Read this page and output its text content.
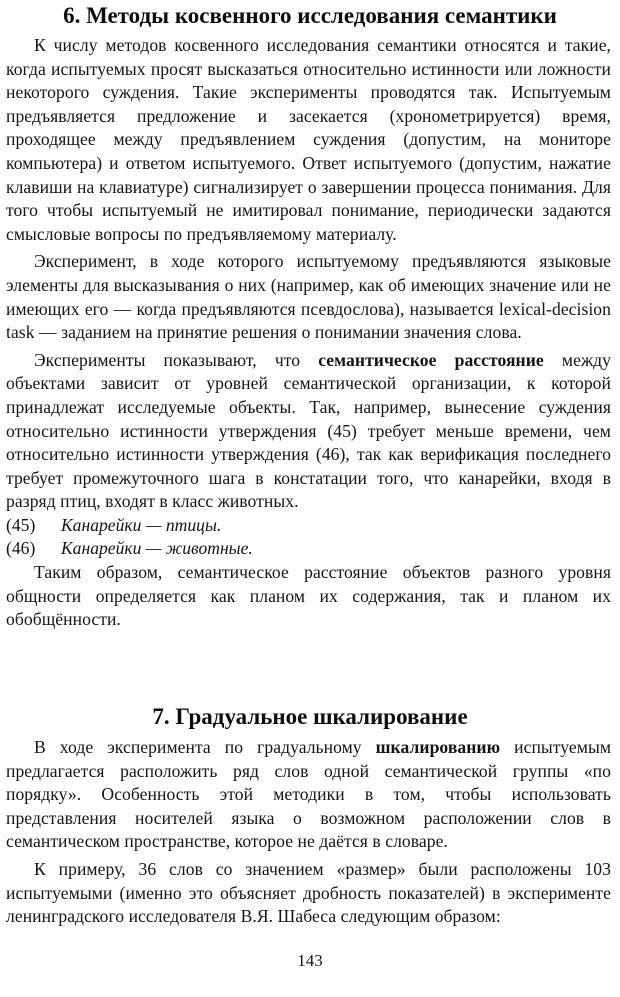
6. Методы косвенного исследования семантики

К числу методов косвенного исследования семантики относятся и такие, когда испытуемых просят высказаться относительно истинности или ложности некоторого суждения. Такие эксперименты проводятся так. Испытуемым предъявляется предложение и засекается (хронометрируется) время, проходящее между предъявлением суждения (допустим, на мониторе компьютера) и ответом испытуемого. Ответ испытуемого (допустим, нажатие клавиши на клавиатуре) сигнализирует о завершении процесса понимания. Для того чтобы испытуемый не имитировал понимание, периодически задаются смысловые вопросы по предъявляемому материалу.

Эксперимент, в ходе которого испытуемому предъявляются языковые элементы для высказывания о них (например, как об имеющих значение или не имеющих его — когда предъявляются псевдослова), называется lexical-decision task — заданием на принятие решения о понимании значения слова.

Эксперименты показывают, что семантическое расстояние между объектами зависит от уровней семантической организации, к которой принадлежат исследуемые объекты. Так, например, вынесение суждения относительно истинности утверждения (45) требует меньше времени, чем относительно истинности утверждения (46), так как верификация последнего требует промежуточного шага в констатации того, что канарейки, входя в разряд птиц, входят в класс животных.

(45) Канарейки — птицы.

(46) Канарейки — животные.

Таким образом, семантическое расстояние объектов разного уровня общности определяется как планом их содержания, так и планом их обобщённости.

7. Градуальное шкалирование

В ходе эксперимента по градуальному шкалированию испытуемым предлагается расположить ряд слов одной семантической группы «по порядку». Особенность этой методики в том, чтобы использовать представления носителей языка о возможном расположении слов в семантическом пространстве, которое не даётся в словаре.

К примеру, 36 слов со значением «размер» были расположены 103 испытуемыми (именно это объясняет дробность показателей) в эксперименте ленинградского исследователя В.Я. Шабеса следующим образом:

143
